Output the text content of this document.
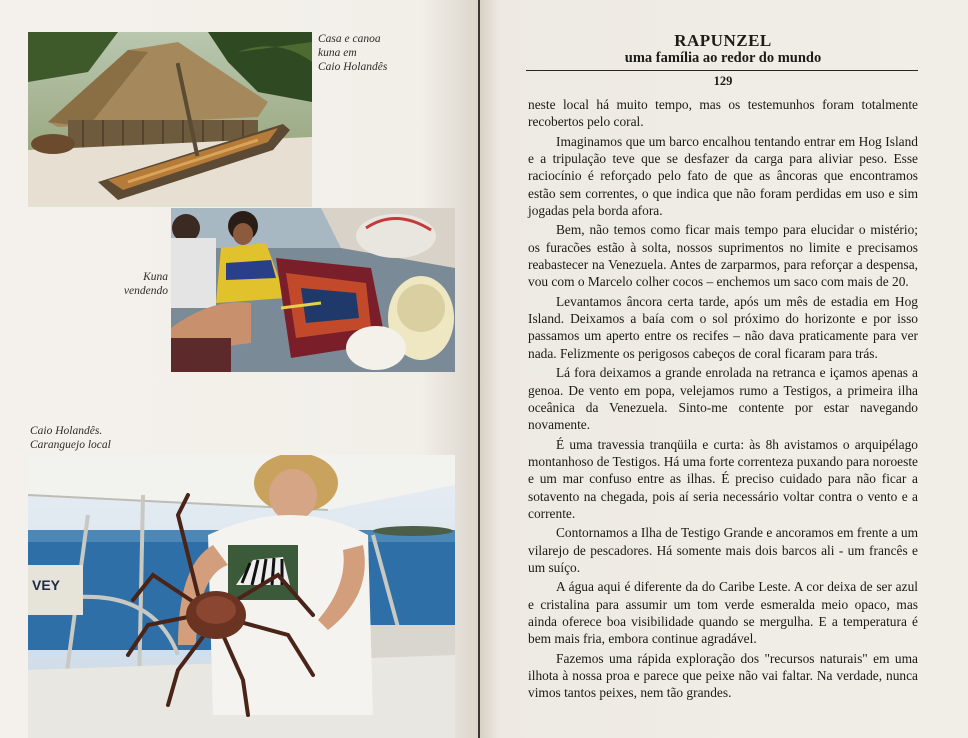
Casa e canoa
kuna em
Caio Holandês

Kuna
vendendo

Caio Holandês.
Caranguejo local

VEY
RAPUNZEL
uma família ao redor do mundo
129

neste local há muito tempo, mas os testemunhos foram totalmente recobertos pelo coral.

Imaginamos que um barco encalhou tentando entrar em Hog Island e a tripulação teve que se desfazer da carga para aliviar peso. Esse raciocínio é reforçado pelo fato de que as âncoras que encontramos estão sem correntes, o que indica que não foram perdidas em uso e sim jogadas pela borda afora.

Bem, não temos como ficar mais tempo para elucidar o mistério; os furacões estão à solta, nossos suprimentos no limite e precisamos reabastecer na Venezuela. Antes de zarparmos, para reforçar a despensa, vou com o Marcelo colher cocos – enchemos um saco com mais de 20.

Levantamos âncora certa tarde, após um mês de estadia em Hog Island. Deixamos a baía com o sol próximo do horizonte e por isso passamos um aperto entre os recifes – não dava praticamente para ver nada. Felizmente os perigosos cabeços de coral ficaram para trás.

Lá fora deixamos a grande enrolada na retranca e içamos apenas a genoa. De vento em popa, velejamos rumo a Testigos, a primeira ilha oceânica da Venezuela. Sinto-me contente por estar navegando novamente.

É uma travessia tranqüila e curta: às 8h avistamos o arquipélago montanhoso de Testigos. Há uma forte correnteza puxando para noroeste e um mar confuso entre as ilhas. É preciso cuidado para não ficar a sotavento na chegada, pois aí seria necessário voltar contra o vento e a corrente.

Contornamos a Ilha de Testigo Grande e ancoramos em frente a um vilarejo de pescadores. Há somente mais dois barcos ali - um francês e um suíço.

A água aqui é diferente da do Caribe Leste. A cor deixa de ser azul e cristalina para assumir um tom verde esmeralda meio opaco, mas ainda oferece boa visibilidade quando se mergulha. E a temperatura é bem mais fria, embora continue agradável.

Fazemos uma rápida exploração dos "recursos naturais" em uma ilhota à nossa proa e parece que peixe não vai faltar. Na verdade, nunca vimos tantos peixes, nem tão grandes.
